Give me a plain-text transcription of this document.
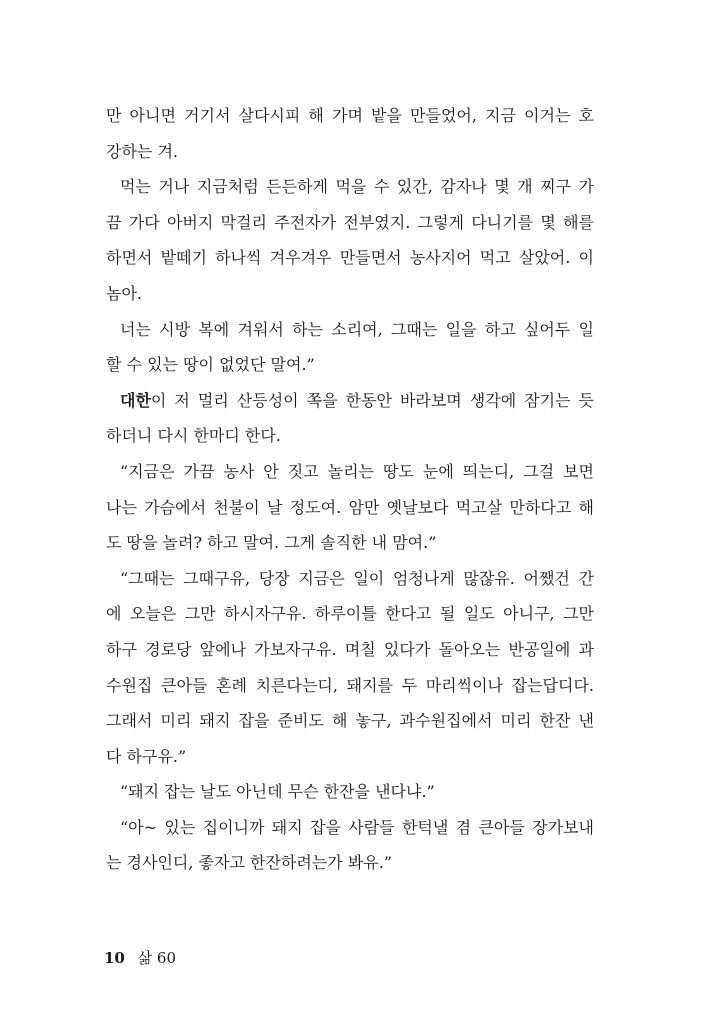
만 아니면 거기서 살다시피 해 가며 밭을 만들었어, 지금 이거는 호
강하는 겨.
먹는 거나 지금처럼 든든하게 먹을 수 있간, 감자나 몇 개 찌구 가
끔 가다 아버지 막걸리 주전자가 전부였지. 그렇게 다니기를 몇 해를
하면서 밭떼기 하나씩 겨우겨우 만들면서 농사지어 먹고 살았어. 이
놈아.
너는 시방 복에 겨워서 하는 소리여, 그때는 일을 하고 싶어두 일
할 수 있는 땅이 없었단 말여.”
대한이 저 멀리 산등성이 쪽을 한동안 바라보며 생각에 잠기는 듯
하더니 다시 한마디 한다.
“지금은 가끔 농사 안 짓고 놀리는 땅도 눈에 띄는디, 그걸 보면
나는 가슴에서 천불이 날 정도여. 암만 옛날보다 먹고살 만하다고 해
도 땅을 놀려? 하고 말여. 그게 솔직한 내 맘여.”
“그때는 그때구유, 당장 지금은 일이 엄청나게 많잖유. 어쨌건 간
에 오늘은 그만 하시자구유. 하루이틀 한다고 될 일도 아니구, 그만
하구 경로당 앞에나 가보자구유. 며칠 있다가 돌아오는 반공일에 과
수원집 큰아들 혼례 치른다는디, 돼지를 두 마리씩이나 잡는답디다.
그래서 미리 돼지 잡을 준비도 해 놓구, 과수원집에서 미리 한잔 낸
다 하구유.”
“돼지 잡는 날도 아닌데 무슨 한잔을 낸다냐.”
“아~ 있는 집이니까 돼지 잡을 사람들 한턱낼 겸 큰아들 장가보내
는 경사인디, 좋자고 한잔하려는가 봐유.”
10 삶 60
